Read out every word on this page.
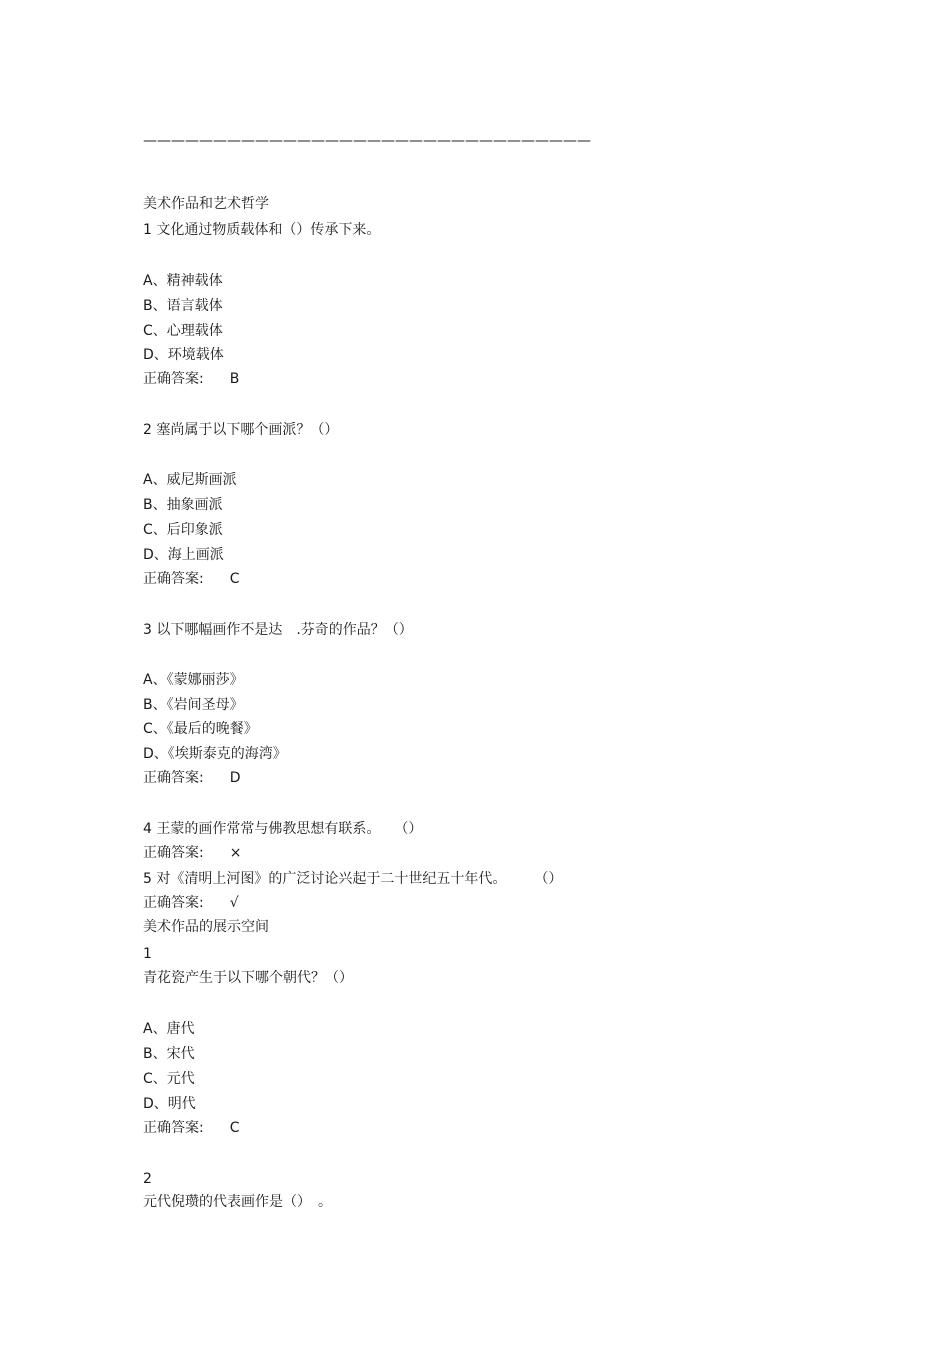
————————————————————————————————
美术作品和艺术哲学
1 文化通过物质载体和（）传承下来。
A、精神载体
B、语言载体
C、心理载体
D、环境载体
正确答案: B
2 塞尚属于以下哪个画派？（）
A、威尼斯画派
B、抽象画派
C、后印象派
D、海上画派
正确答案: C
3 以下哪幅画作不是达　.芬奇的作品？（）
A、《蒙娜丽莎》
B、《岩间圣母》
C、《最后的晚餐》
D、《埃斯泰克的海湾》
正确答案: D
4 王蒙的画作常常与佛教思想有联系。　　（）
正确答案: ×
5 对《清明上河图》的广泛讨论兴起于二十世纪五十年代。　　　（）
正确答案: √
美术作品的展示空间
1
青花瓷产生于以下哪个朝代？（）
A、唐代
B、宋代
C、元代
D、明代
正确答案: C
2
元代倪瓒的代表画作是（）　。
